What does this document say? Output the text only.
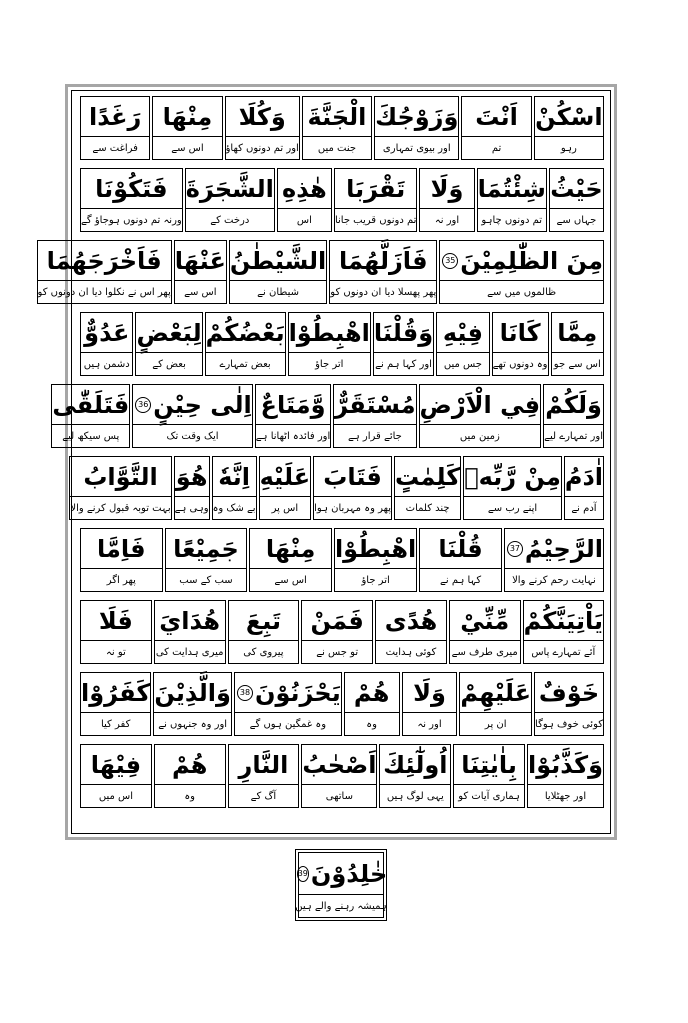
اسْكُنْ
رہو
اَنْتَ
تم
وَزَوْجُكَ
اور بیوی تمہاری
الْجَنَّةَ
جنت میں
وَكُلَا
اور تم دونوں کھاؤ
مِنْهَا
اس سے
رَغَدًا
فراغت سے
حَيْثُ
جہاں سے
شِئْتُمَا
تم دونوں چاہو
وَلَا
اور نہ
تَقْرَبَا
تم دونوں قریب جانا
هٰذِهِ
اس
الشَّجَرَةَ
درخت کے
فَتَكُوْنَا
ورنہ تم دونوں ہوجاؤ گے
مِنَ الظّٰلِمِيْنَ
35
ظالموں میں سے
فَاَزَلَّهُمَا
پھر پھسلا دیا ان دونوں کو
الشَّيْطٰنُ
شیطان نے
عَنْهَا
اس سے
فَاَخْرَجَهُمَا
پھر اس نے نکلوا دیا ان دونوں کو
مِمَّا
اس سے جو
كَانَا
وہ دونوں تھے
فِيْهِ
جس میں
وَقُلْنَا
اور کہا ہم نے
اهْبِطُوْا
اتر جاؤ
بَعْضُكُمْ
بعض تمہارے
لِبَعْضٍ
بعض کے
عَدُوٌّ
دشمن ہیں
وَلَكُمْ
اور تمہارے لیے
فِي الْاَرْضِ
زمین میں
مُسْتَقَرٌّ
جائے قرار ہے
وَّمَتَاعٌ
اور فائدہ اٹھانا ہے
اِلٰى حِيْنٍ
36
ایک وقت تک
فَتَلَقّٰى
پس سیکھ لیے
اٰدَمُ
آدم نے
مِنْ رَّبِّهٖ
اپنے رب سے
كَلِمٰتٍ
چند کلمات
فَتَابَ
پھر وہ مہربان ہوا
عَلَيْهِ
اس پر
اِنَّهٗ
بے شک وہ
هُوَ
وہی ہے
التَّوَّابُ
بہت توبہ قبول کرنے والا
الرَّحِيْمُ
37
نہایت رحم کرنے والا
قُلْنَا
کہا ہم نے
اهْبِطُوْا
اتر جاؤ
مِنْهَا
اس سے
جَمِيْعًا
سب کے سب
فَاِمَّا
پھر اگر
يَاْتِيَنَّكُمْ
آئے تمہارے پاس
مِّنِّيْ
میری طرف سے
هُدًى
کوئی ہدایت
فَمَنْ
تو جس نے
تَبِعَ
پیروی کی
هُدَايَ
میری ہدایت کی
فَلَا
تو نہ
خَوْفٌ
کوئی خوف ہوگا
عَلَيْهِمْ
ان پر
وَلَا
اور نہ
هُمْ
وہ
يَحْزَنُوْنَ
38
وہ غمگین ہوں گے
وَالَّذِيْنَ
اور وہ جنہوں نے
كَفَرُوْا
کفر کیا
وَكَذَّبُوْا
اور جھٹلایا
بِاٰيٰتِنَا
ہماری آیات کو
اُولٰٓئِكَ
یہی لوگ ہیں
اَصْحٰبُ
ساتھی
النَّارِ
آگ کے
هُمْ
وہ
فِيْهَا
اس میں
خٰلِدُوْنَ
39
ہمیشہ رہنے والے ہیں
